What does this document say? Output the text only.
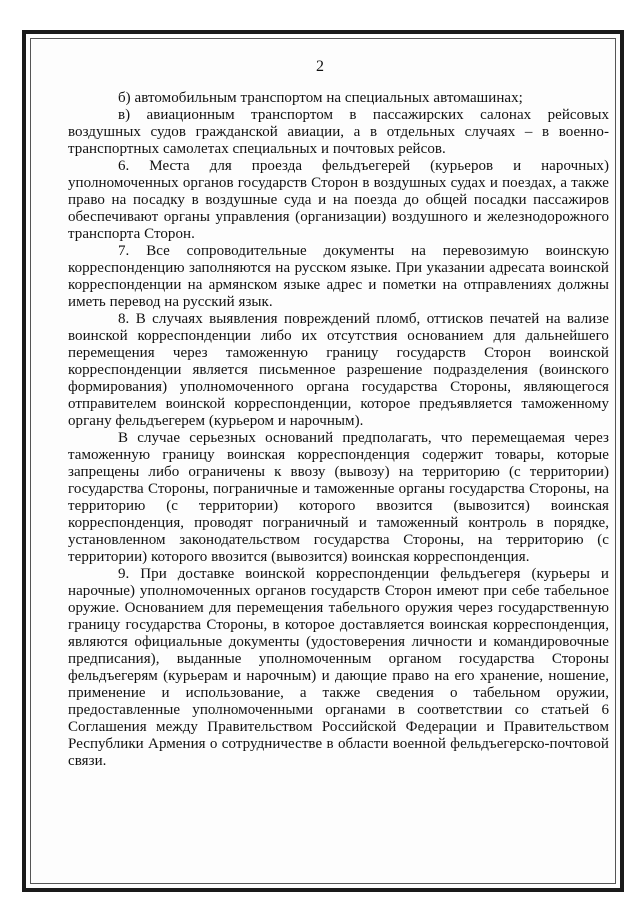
2

б) автомобильным транспортом на специальных автомашинах;

в) авиационным транспортом в пассажирских салонах рейсовых воздушных судов гражданской авиации, а в отдельных случаях – в военно-транспортных самолетах специальных и почтовых рейсов.

6. Места для проезда фельдъегерей (курьеров и нарочных) уполномоченных органов государств Сторон в воздушных судах и поездах, а также право на посадку в воздушные суда и на поезда до общей посадки пассажиров обеспечивают органы управления (организации) воздушного и железнодорожного транспорта Сторон.

7. Все сопроводительные документы на перевозимую воинскую корреспонденцию заполняются на русском языке. При указании адресата воинской корреспонденции на армянском языке адрес и пометки на отправлениях должны иметь перевод на русский язык.

8. В случаях выявления повреждений пломб, оттисков печатей на вализе воинской корреспонденции либо их отсутствия основанием для дальнейшего перемещения через таможенную границу государств Сторон воинской корреспонденции является письменное разрешение подразделения (воинского формирования) уполномоченного органа государства Стороны, являющегося отправителем воинской корреспонденции, которое предъявляется таможенному органу фельдъегерем (курьером и нарочным).

В случае серьезных оснований предполагать, что перемещаемая через таможенную границу воинская корреспонденция содержит товары, которые запрещены либо ограничены к ввозу (вывозу) на территорию (с территории) государства Стороны, пограничные и таможенные органы государства Стороны, на территорию (с территории) которого ввозится (вывозится) воинская корреспонденция, проводят пограничный и таможенный контроль в порядке, установленном законодательством государства Стороны, на территорию (с территории) которого ввозится (вывозится) воинская корреспонденция.

9. При доставке воинской корреспонденции фельдъегеря (курьеры и нарочные) уполномоченных органов государств Сторон имеют при себе табельное оружие. Основанием для перемещения табельного оружия через государственную границу государства Стороны, в которое доставляется воинская корреспонденция, являются официальные документы (удостоверения личности и командировочные предписания), выданные уполномоченным органом государства Стороны фельдъегерям (курьерам и нарочным) и дающие право на его хранение, ношение, применение и использование, а также сведения о табельном оружии, предоставленные уполномоченными органами в соответствии со статьей 6 Соглашения между Правительством Российской Федерации и Правительством Республики Армения о сотрудничестве в области военной фельдъегерско-почтовой связи.
